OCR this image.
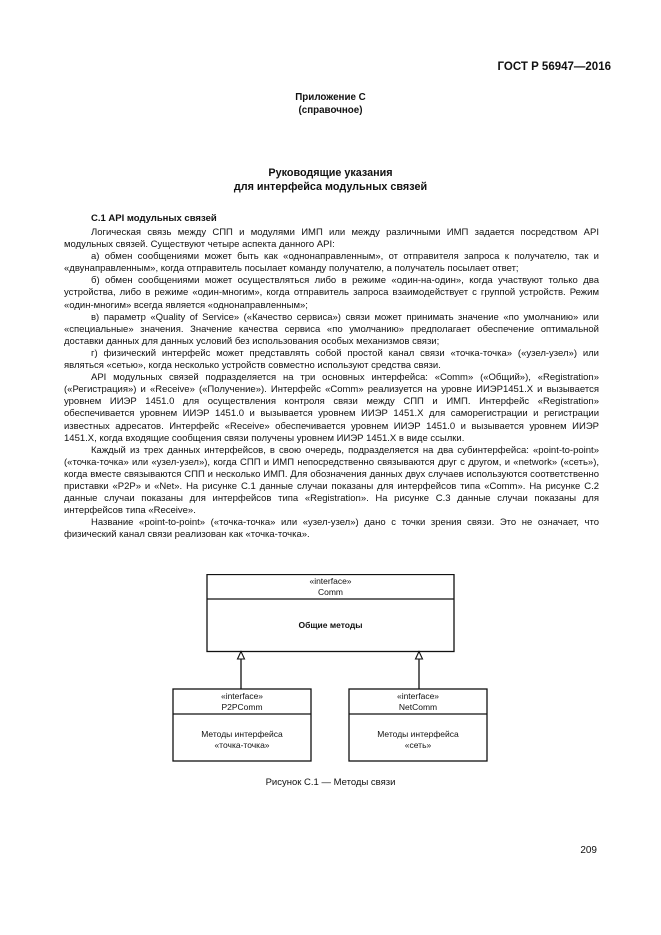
ГОСТ Р 56947—2016
Приложение С
(справочное)
Руководящие указания
для интерфейса модульных связей
С.1 API модульных связей

Логическая связь между СПП и модулями ИМП или между различными ИМП задается посредством API модульных связей. Существуют четыре аспекта данного API:

а) обмен сообщениями может быть как «однонаправленным», от отправителя запроса к получателю, так и «двунаправленным», когда отправитель посылает команду получателю, а получатель посылает ответ;

б) обмен сообщениями может осуществляться либо в режиме «один-на-один», когда участвуют только два устройства, либо в режиме «один-многим», когда отправитель запроса взаимодействует с группой устройств. Режим «один-многим» всегда является «однонаправленным»;

в) параметр «Quality of Service» («Качество сервиса») связи может принимать значение «по умолчанию» или «специальные» значения. Значение качества сервиса «по умолчанию» предполагает обеспечение оптимальной доставки данных для данных условий без использования особых механизмов связи;

г) физический интерфейс может представлять собой простой канал связи «точка-точка» («узел-узел») или являться «сетью», когда несколько устройств совместно используют средства связи.

API модульных связей подразделяется на три основных интерфейса: «Comm» («Общий»), «Registration» («Регистрация») и «Receive» («Получение»). Интерфейс «Comm» реализуется на уровне ИИЭР1451.X и вызывается уровнем ИИЭР 1451.0 для осуществления контроля связи между СПП и ИМП. Интерфейс «Registration» обеспечивается уровнем ИИЭР 1451.0 и вызывается уровнем ИИЭР 1451.X для саморегистрации и регистрации известных адресатов. Интерфейс «Receive» обеспечивается уровнем ИИЭР 1451.0 и вызывается уровнем ИИЭР 1451.X, когда входящие сообщения связи получены уровнем ИИЭР 1451.X в виде ссылки.

Каждый из трех данных интерфейсов, в свою очередь, подразделяется на два субинтерфейса: «point-to-point» («точка-точка» или «узел-узел»), когда СПП и ИМП непосредственно связываются друг с другом, и «network» («сеть»), когда вместе связываются СПП и несколько ИМП. Для обозначения данных двух случаев используются соответственно приставки «P2P» и «Net». На рисунке С.1 данные случаи показаны для интерфейсов типа «Comm». На рисунке С.2 данные случаи показаны для интерфейсов типа «Registration». На рисунке С.3 данные случаи показаны для интерфейсов типа «Receive».

Название «point-to-point» («точка-точка» или «узел-узел») дано с точки зрения связи. Это не означает, что физический канал связи реализован как «точка-точка».

«interface»
Comm
Общие методы
«interface»
P2PComm
Методы интерфейса
«точка-точка»
«interface»
NetComm
Методы интерфейса
«сеть»
Рисунок С.1 — Методы связи
209
